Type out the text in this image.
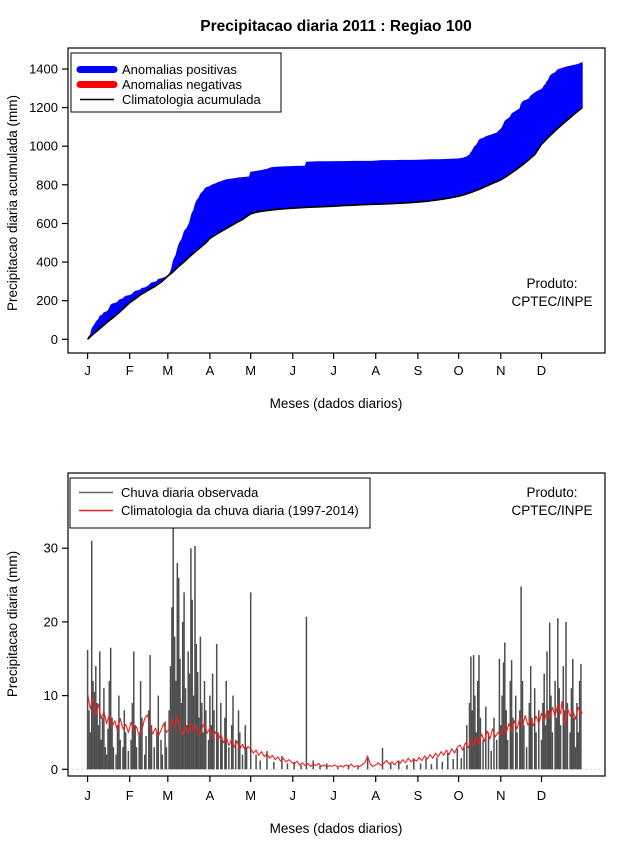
J	F M A M	J	J	A	S O N D
0
200
400
600
800
1000
1200
1400
J	F M A M	J	J	A	S O N D
0
10
20
30
Precipitacao diaria 2011 : Regiao 100
Meses (dados diarios)
Precipitacao diaria acumulada (mm)
Meses (dados diarios)
Precipitacao diaria (mm)
Anomalias positivas
Anomalias negativas
Climatologia acumulada
Produto:
CPTEC/INPE
Chuva diaria observada
Climatologia da chuva diaria (1997-2014)
Produto:
CPTEC/INPE
